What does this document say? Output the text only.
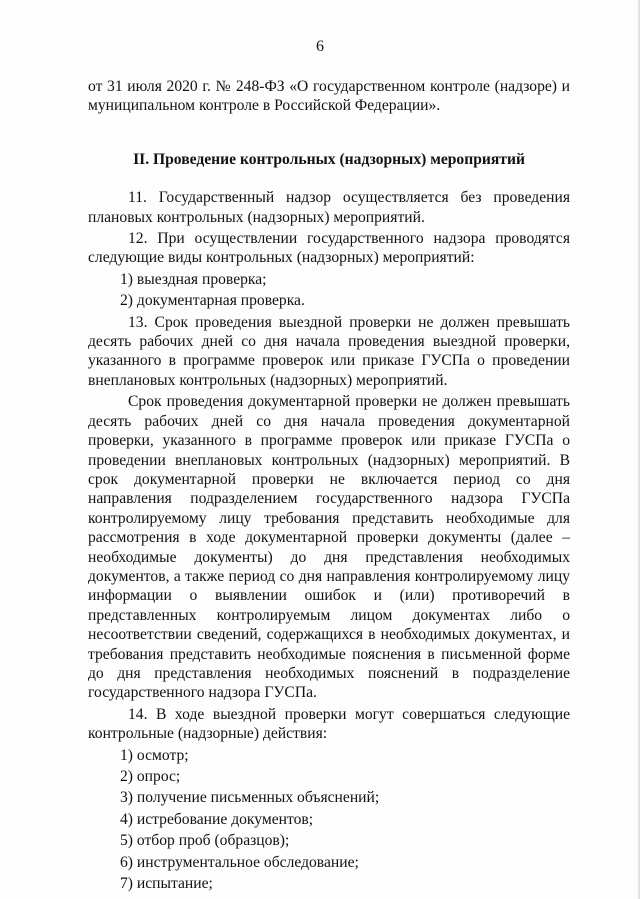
6

от 31 июля 2020 г. № 248-ФЗ «О государственном контроле (надзоре) и муниципальном контроле в Российской Федерации».

II. Проведение контрольных (надзорных) мероприятий

11. Государственный надзор осуществляется без проведения плановых контрольных (надзорных) мероприятий.

12. При осуществлении государственного надзора проводятся следующие виды контрольных (надзорных) мероприятий:

1) выездная проверка;

2) документарная проверка.

13. Срок проведения выездной проверки не должен превышать десять рабочих дней со дня начала проведения выездной проверки, указанного в программе проверок или приказе ГУСПа о проведении внеплановых контрольных (надзорных) мероприятий.

Срок проведения документарной проверки не должен превышать десять рабочих дней со дня начала проведения документарной проверки, указанного в программе проверок или приказе ГУСПа о проведении внеплановых контрольных (надзорных) мероприятий. В срок документарной проверки не включается период со дня направления подразделением государственного надзора ГУСПа контролируемому лицу требования представить необходимые для рассмотрения в ходе документарной проверки документы (далее – необходимые документы) до дня представления необходимых документов, а также период со дня направления контролируемому лицу информации о выявлении ошибок и (или) противоречий в представленных контролируемым лицом документах либо о несоответствии сведений, содержащихся в необходимых документах, и требования представить необходимые пояснения в письменной форме до дня представления необходимых пояснений в подразделение государственного надзора ГУСПа.

14. В ходе выездной проверки могут совершаться следующие контрольные (надзорные) действия:

1) осмотр;

2) опрос;

3) получение письменных объяснений;

4) истребование документов;

5) отбор проб (образцов);

6) инструментальное обследование;

7) испытание;
